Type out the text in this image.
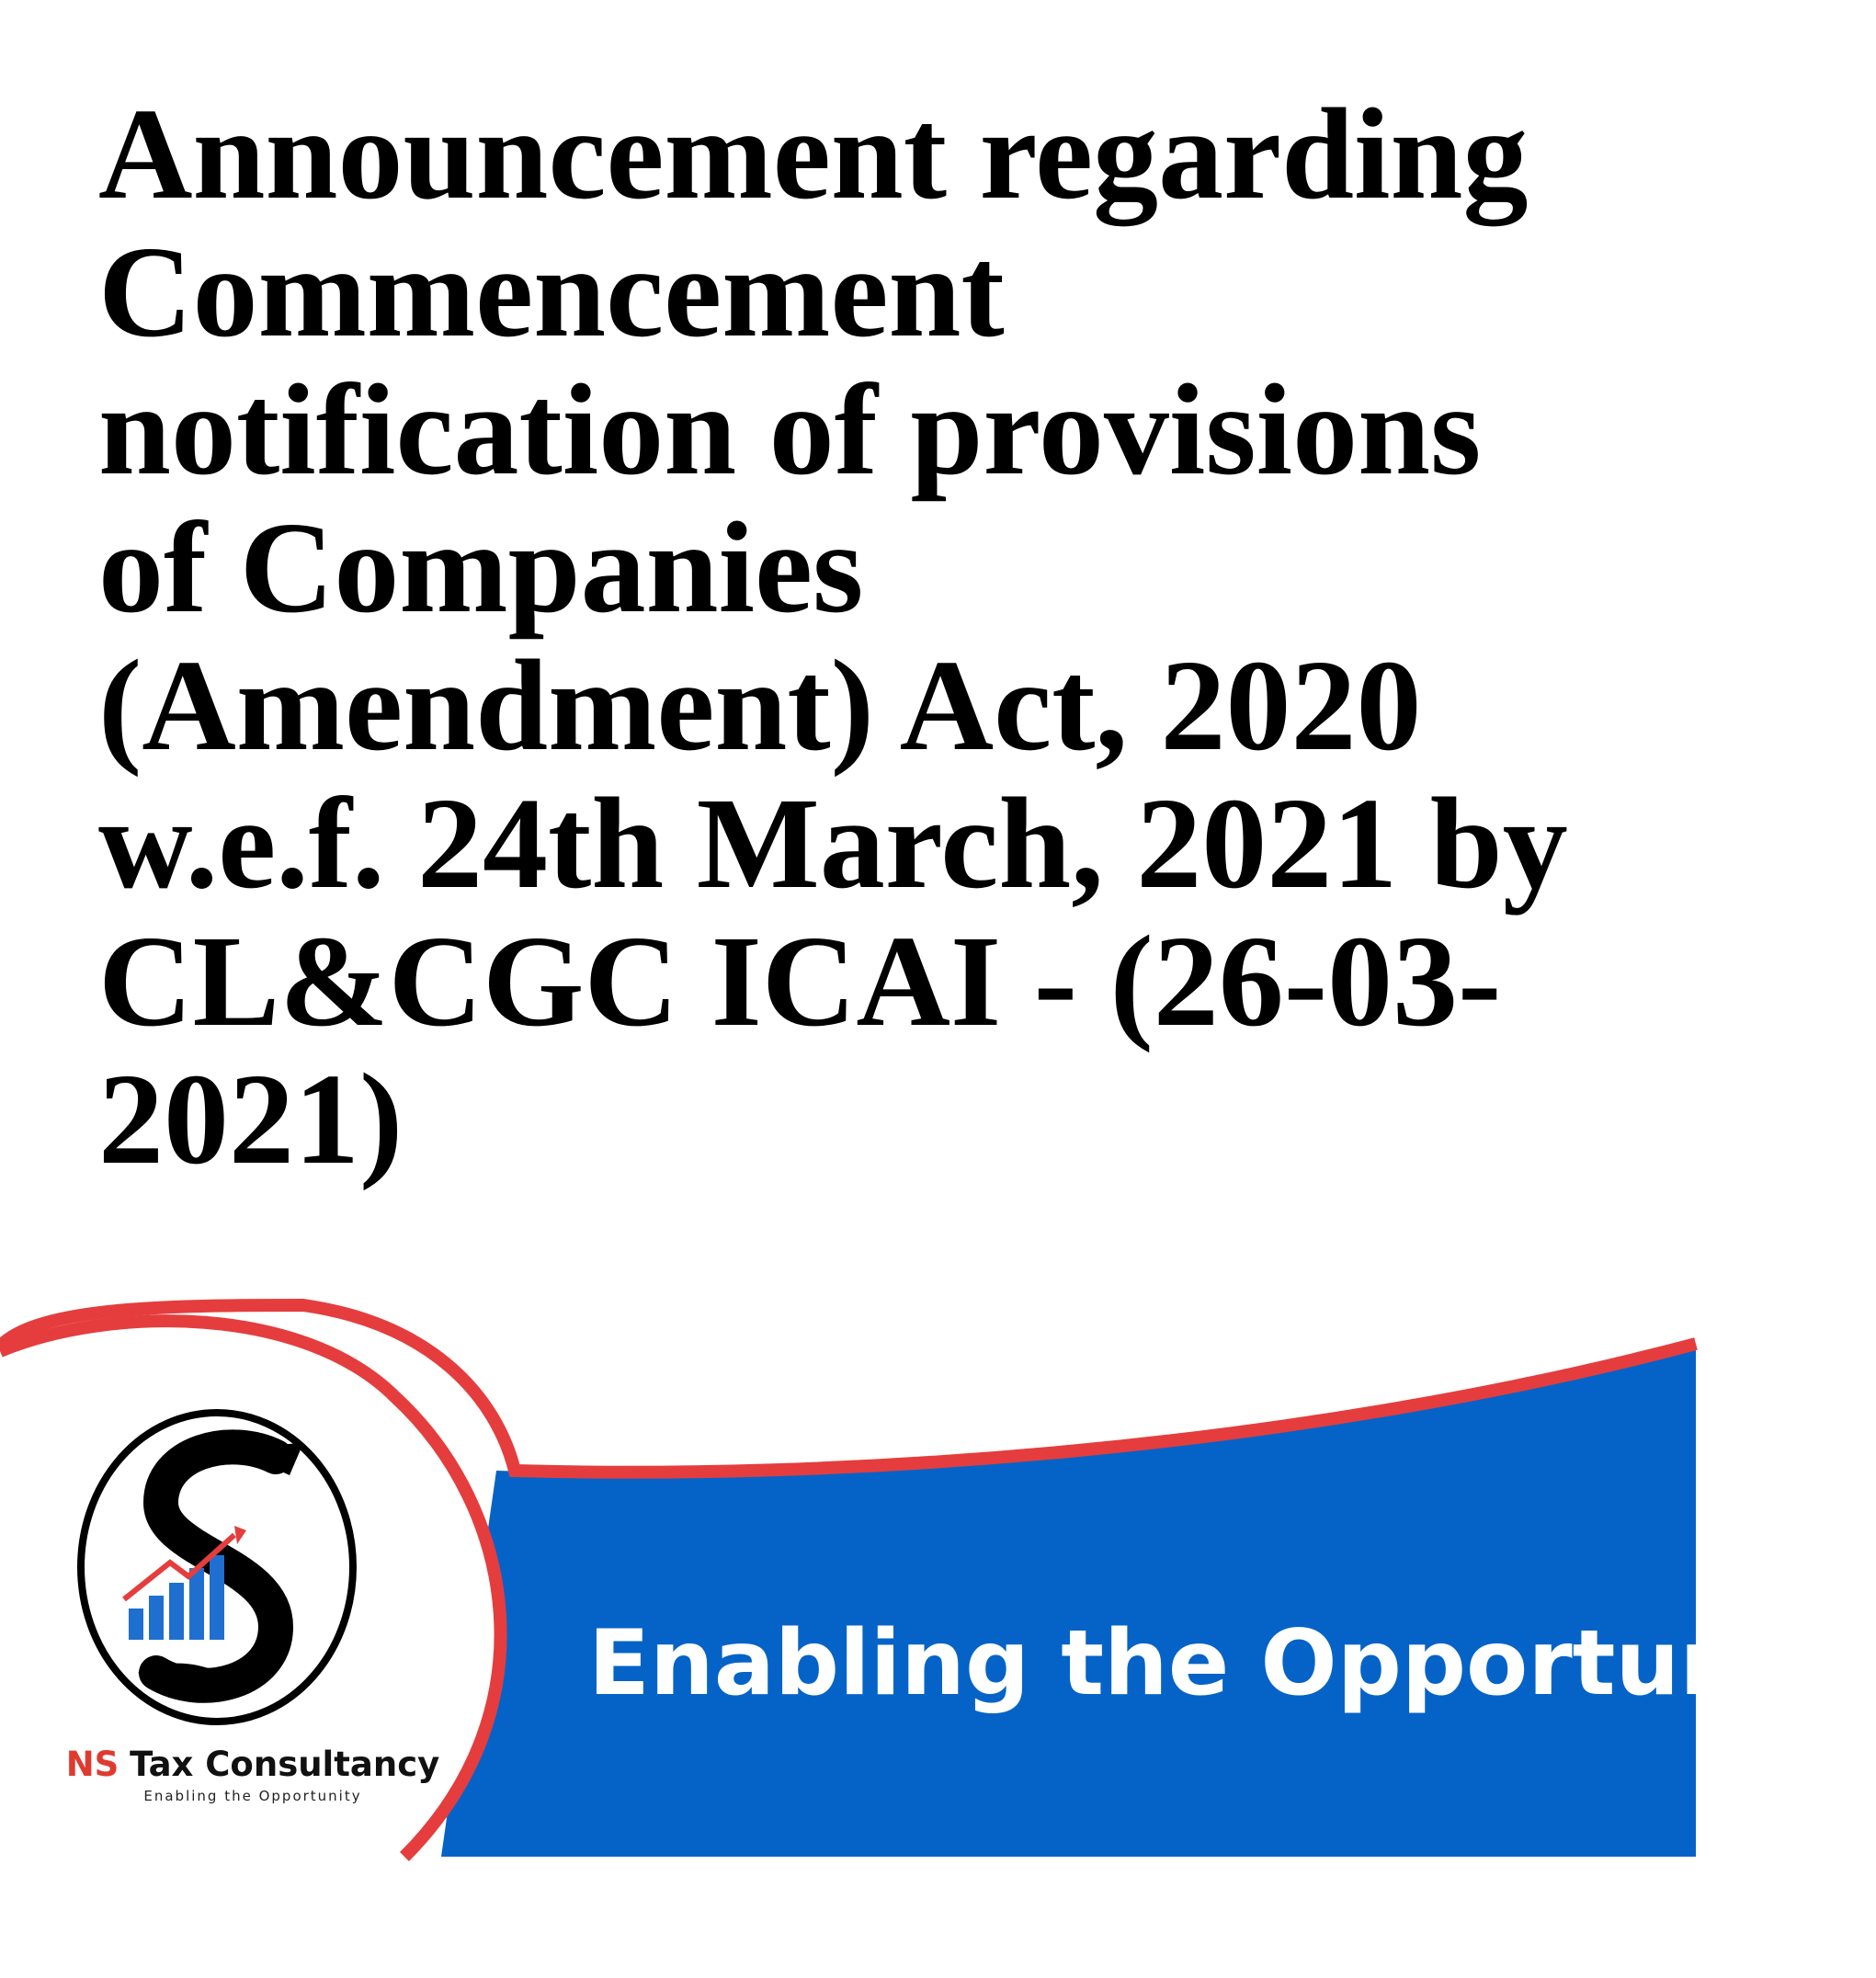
Announcement regarding
Commencement
notification of provisions
of Companies
(Amendment) Act, 2020
w.e.f. 24th March, 2021 by
CL&CGC ICAI - (26-03-
2021)
Enabling the Opportunity
NS Tax Consultancy
Enabling the Opportunity
